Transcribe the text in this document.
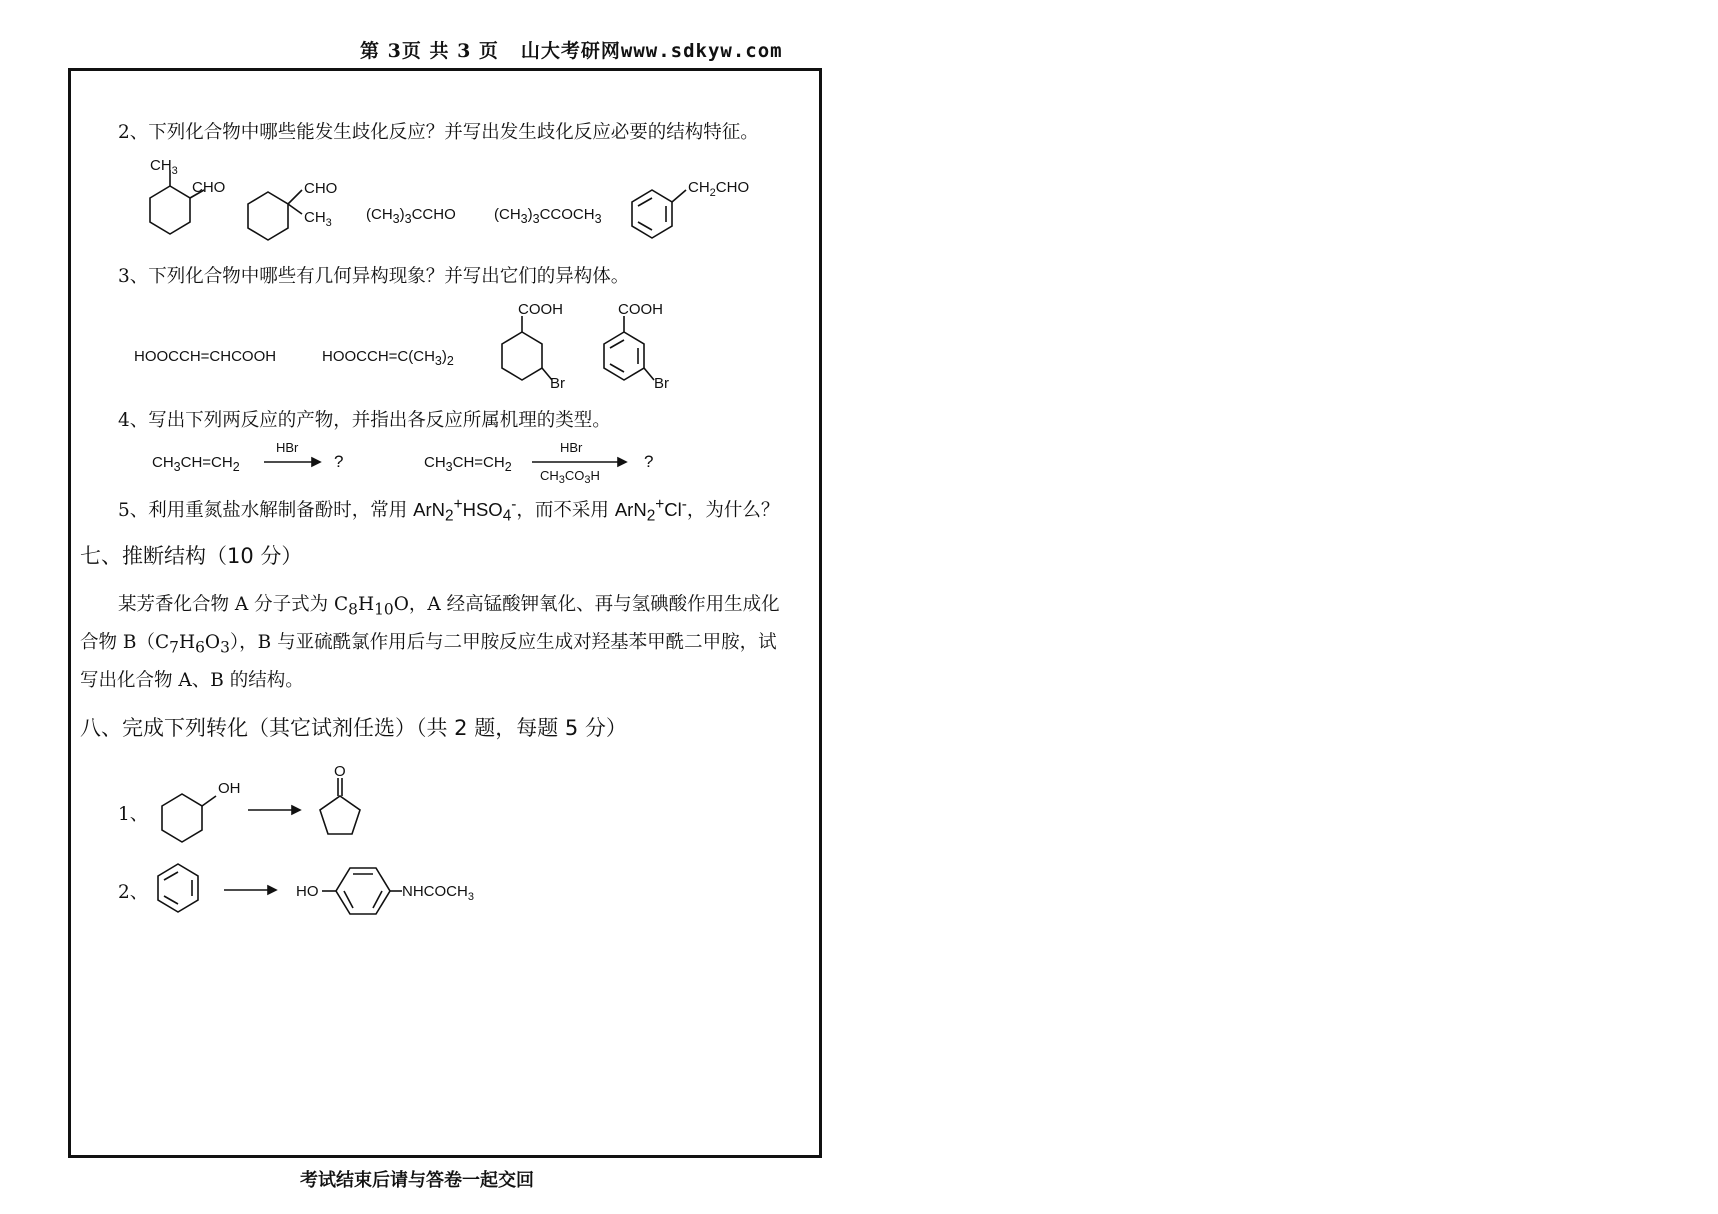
第 3页 共 3 页 山大考研网www.sdkyw.com
2、下列化合物中哪些能发生歧化反应？并写出发生歧化反应必要的结构特征。
$CH_3$
CHO	CHO
$CH_3$ $(CH_3)_3CCHO$	$(CH_3)_3CCOCH_3$
$CH_2CHO$
3、下列化合物中哪些有几何异构现象？并写出它们的异构体。
HOOCCH=CHCOOH	$HOOCCH=C(CH_3)_2$
COOH
Br
COOH
Br
4、写出下列两反应的产物，并指出各反应所属机理的类型。
$CH_3CH=CH_2$
HBr
?	$CH_3CH=CH_2$
HBr
$CH_3CO_3H$
?
5、利用重氮盐水解制备酚时，常用 $ArN_2^+HSO_4^-$，而不采用 ArN$_2$+Cl-，为什么？
七、推断结构（10 分）
某芳香化合物 A 分子式为 $C_8H_{10}O$，A 经高锰酸钾氧化、再与氢碘酸作用生成化
合物 $B(C_7H_6O_3)$，B 与亚硫酰氯作用后与二甲胺反应生成对羟基苯甲酰二甲胺，试
写出化合物 A、B 的结构。
八、完成下列转化（其它试剂任选）（共 2 题，每题 5 分）
1、
OH
O
2、	HO	$NHCOCH_3$
考试结束后请与答卷一起交回
